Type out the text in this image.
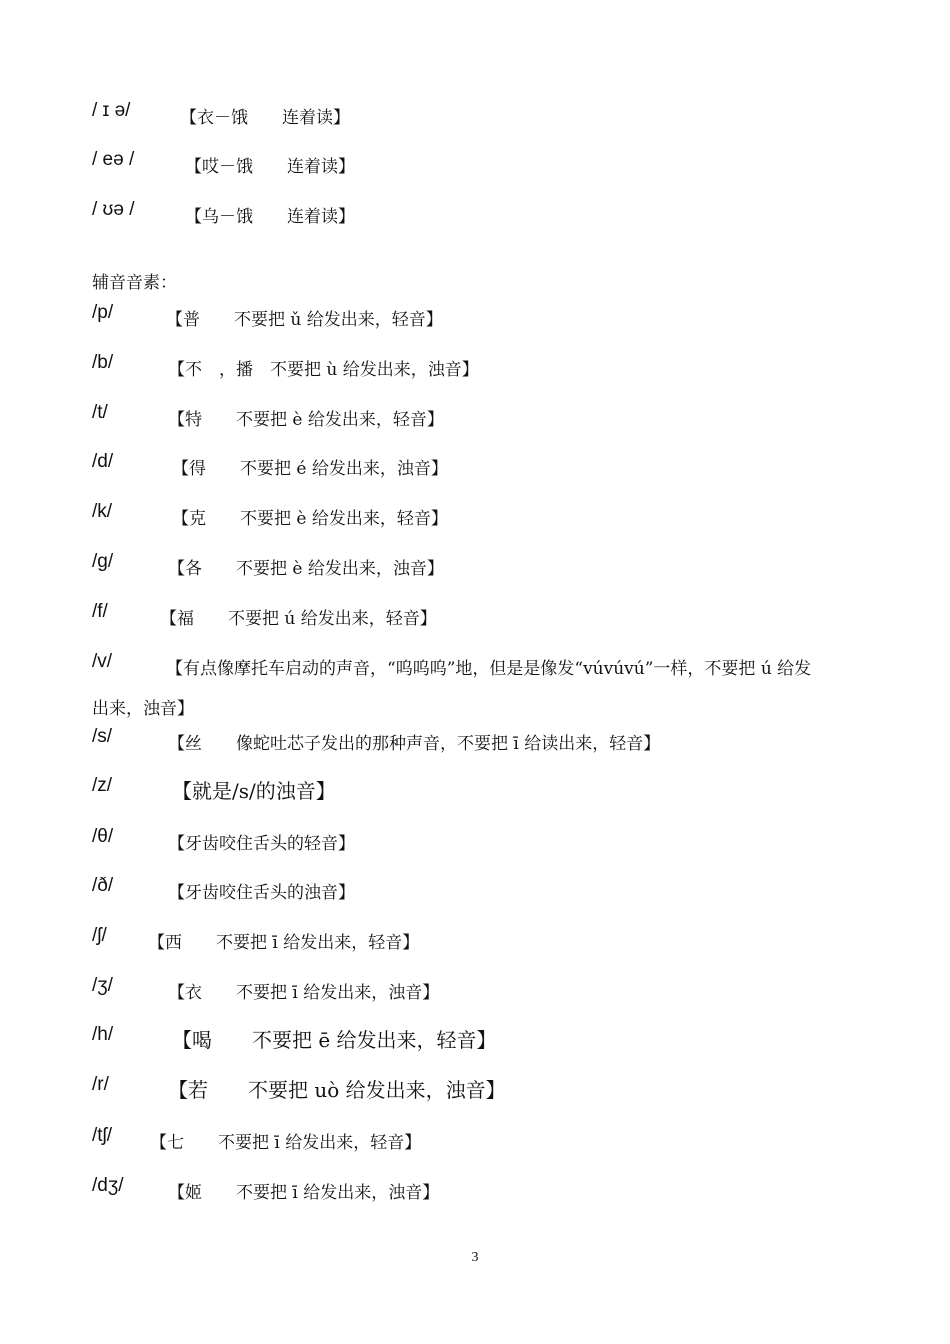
/ ɪ ə/	【衣－饿　　连着读】
/ eə /	【哎－饿　　连着读】
/ ʊə /	【乌－饿　　连着读】
辅音音素：
/p/	【普　　不要把 ǔ 给发出来，轻音】
/b/	【不　，播　不要把 ù 给发出来，浊音】
/t/	【特　　不要把 è 给发出来，轻音】
/d/	【得　　不要把 é 给发出来，浊音】
/k/	【克　　不要把 è 给发出来，轻音】
/g/	【各　　不要把 è 给发出来，浊音】
/f/	【福　　不要把 ú 给发出来，轻音】
/v/	【有点像摩托车启动的声音，“呜呜呜”地，但是是像发“vúvúvú”一样，不要把 ú 给发
出来，浊音】
/s/	【丝　　像蛇吐芯子发出的那种声音，不要把 ī 给读出来，轻音】
/z/	【就是/s/的浊音】
/θ/	【牙齿咬住舌头的轻音】
/ð/	【牙齿咬住舌头的浊音】
/ʃ/ 【西　　不要把 ī 给发出来，轻音】
/ʒ/	【衣　　不要把 ī 给发出来，浊音】
/h/	【喝　　不要把 ē 给发出来，轻音】
/r/	【若　　不要把 uò 给发出来，浊音】
/tʃ/ 【七　　不要把 ī 给发出来，轻音】
/dʒ/	【姬　　不要把 ī 给发出来，浊音】
3
